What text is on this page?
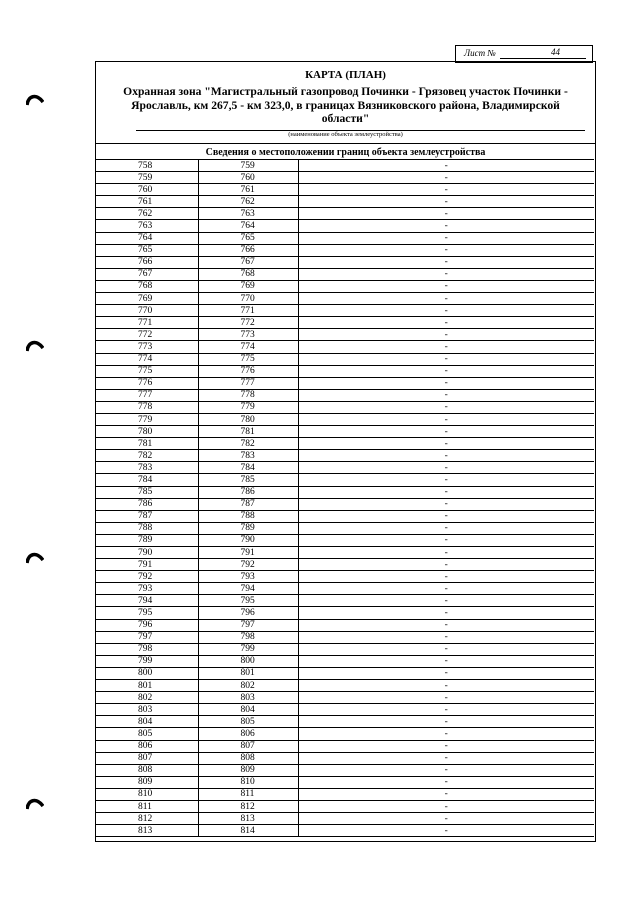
Лист №	44
КАРТА (ПЛАН)
Охранная зона "Магистральный газопровод Починки - Грязовец участок Починки - Ярославль, км 267,5 - км 323,0, в границах Вязниковского района, Владимирской области"
(наименование объекта землеустройства)
Сведения о местоположении границ объекта землеустройства
758	759	-
759	760	-
760	761	-
761	762	-
762	763	-
763	764	-
764	765	-
765	766	-
766	767	-
767	768	-
768	769	-
769	770	-
770	771	-
771	772	-
772	773	-
773	774	-
774	775	-
775	776	-
776	777	-
777	778	-
778	779	-
779	780	-
780	781	-
781	782	-
782	783	-
783	784	-
784	785	-
785	786	-
786	787	-
787	788	-
788	789	-
789	790	-
790	791	-
791	792	-
792	793	-
793	794	-
794	795	-
795	796	-
796	797	-
797	798	-
798	799	-
799	800	-
800	801	-
801	802	-
802	803	-
803	804	-
804	805	-
805	806	-
806	807	-
807	808	-
808	809	-
809	810	-
810	811	-
811	812	-
812	813	-
813	814	-
